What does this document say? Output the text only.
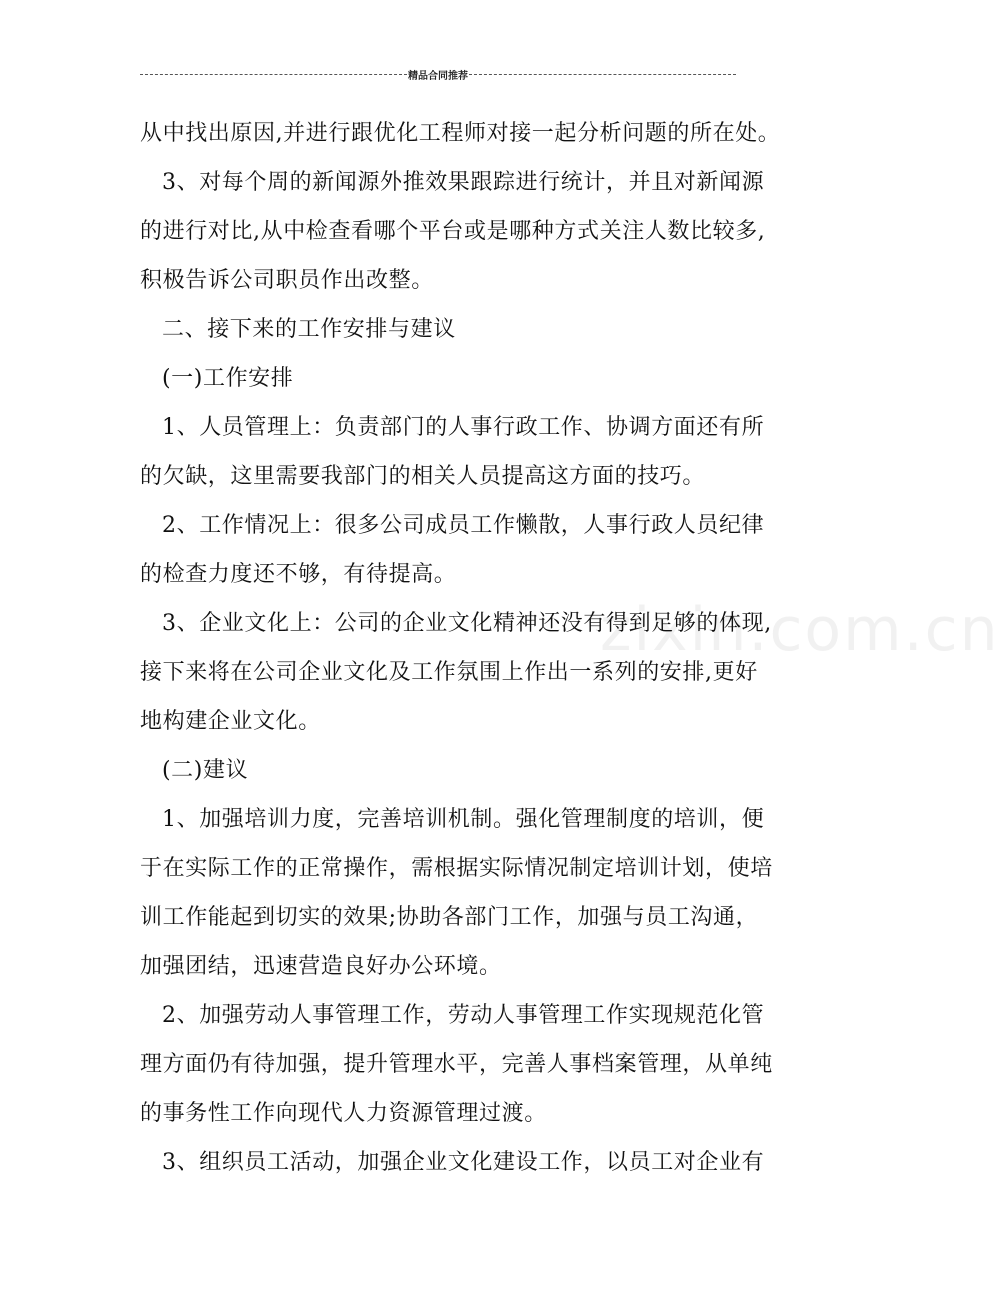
精品合同推荐
zixin.com.cn
从中找出原因,并进行跟优化工程师对接一起分析问题的所在处。
3、对每个周的新闻源外推效果跟踪进行统计，并且对新闻源
的进行对比,从中检查看哪个平台或是哪种方式关注人数比较多,
积极告诉公司职员作出改整。
二、接下来的工作安排与建议
(一)工作安排
1、人员管理上：负责部门的人事行政工作、协调方面还有所
的欠缺，这里需要我部门的相关人员提高这方面的技巧。
2、工作情况上：很多公司成员工作懒散，人事行政人员纪律
的检查力度还不够，有待提高。
3、企业文化上：公司的企业文化精神还没有得到足够的体现,
接下来将在公司企业文化及工作氛围上作出一系列的安排,更好
地构建企业文化。
(二)建议
1、加强培训力度，完善培训机制。强化管理制度的培训，便
于在实际工作的正常操作，需根据实际情况制定培训计划，使培
训工作能起到切实的效果;协助各部门工作，加强与员工沟通，
加强团结，迅速营造良好办公环境。
2、加强劳动人事管理工作，劳动人事管理工作实现规范化管
理方面仍有待加强，提升管理水平，完善人事档案管理，从单纯
的事务性工作向现代人力资源管理过渡。
3、组织员工活动，加强企业文化建设工作，以员工对企业有
